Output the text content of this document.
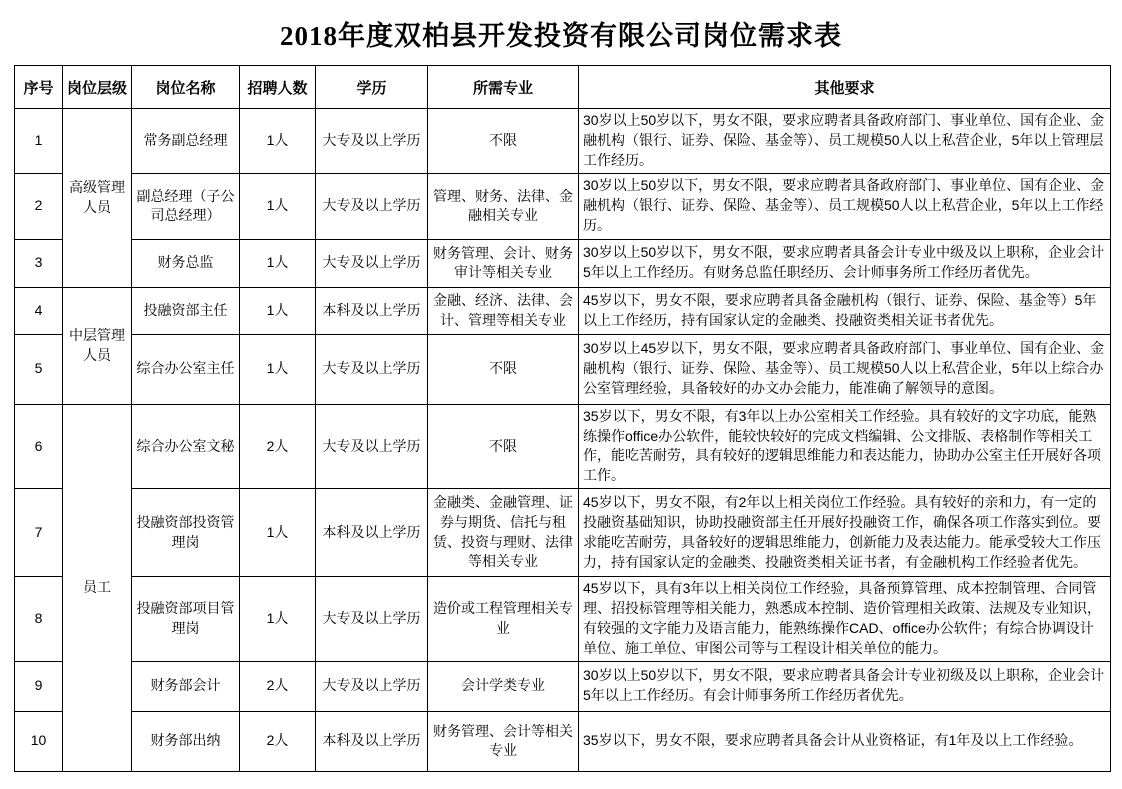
2018年度双柏县开发投资有限公司岗位需求表
序号	岗位层级	岗位名称	招聘人数	学历	所需专业	其他要求
1	高级管理人员	常务副总经理	1人	大专及以上学历	不限	30岁以上50岁以下，男女不限，要求应聘者具备政府部门、事业单位、国有企业、金融机构（银行、证券、保险、基金等）、员工规模50人以上私营企业，5年以上管理层工作经历。
2		副总经理（子公司总经理）	1人	大专及以上学历	管理、财务、法律、金融相关专业	30岁以上50岁以下，男女不限，要求应聘者具备政府部门、事业单位、国有企业、金融机构（银行、证券、保险、基金等）、员工规模50人以上私营企业，5年以上工作经历。
3		财务总监	1人	大专及以上学历	财务管理、会计、财务审计等相关专业	30岁以上50岁以下，男女不限，要求应聘者具备会计专业中级及以上职称，企业会计5年以上工作经历。有财务总监任职经历、会计师事务所工作经历者优先。
4	中层管理人员	投融资部主任	1人	本科及以上学历	金融、经济、法律、会计、管理等相关专业	45岁以下，男女不限，要求应聘者具备金融机构（银行、证券、保险、基金等）5年以上工作经历，持有国家认定的金融类、投融资类相关证书者优先。
5		综合办公室主任	1人	大专及以上学历	不限	30岁以上45岁以下，男女不限，要求应聘者具备政府部门、事业单位、国有企业、金融机构（银行、证券、保险、基金等）、员工规模50人以上私营企业，5年以上综合办公室管理经验，具备较好的办文办会能力，能准确了解领导的意图。
6	员工	综合办公室文秘	2人	大专及以上学历	不限	35岁以下，男女不限，有3年以上办公室相关工作经验。具有较好的文字功底，能熟练操作office办公软件，能较快较好的完成文档编辑、公文排版、表格制作等相关工作，能吃苦耐劳，具有较好的逻辑思维能力和表达能力，协助办公室主任开展好各项工作。
7		投融资部投资管理岗	1人	本科及以上学历	金融类、金融管理、证券与期货、信托与租赁、投资与理财、法律等相关专业	45岁以下，男女不限，有2年以上相关岗位工作经验。具有较好的亲和力，有一定的投融资基础知识，协助投融资部主任开展好投融资工作，确保各项工作落实到位。要求能吃苦耐劳，具备较好的逻辑思维能力，创新能力及表达能力。能承受较大工作压力，持有国家认定的金融类、投融资类相关证书者，有金融机构工作经验者优先。
8		投融资部项目管理岗	1人	大专及以上学历	造价或工程管理相关专业	45岁以下，具有3年以上相关岗位工作经验，具备预算管理、成本控制管理、合同管理、招投标管理等相关能力，熟悉成本控制、造价管理相关政策、法规及专业知识，有较强的文字能力及语言能力，能熟练操作CAD、office办公软件；有综合协调设计单位、施工单位、审图公司等与工程设计相关单位的能力。
9		财务部会计	2人	大专及以上学历	会计学类专业	30岁以上50岁以下，男女不限，要求应聘者具备会计专业初级及以上职称，企业会计5年以上工作经历。有会计师事务所工作经历者优先。
10		财务部出纳	2人	本科及以上学历	财务管理、会计等相关专业	35岁以下，男女不限，要求应聘者具备会计从业资格证，有1年及以上工作经验。
